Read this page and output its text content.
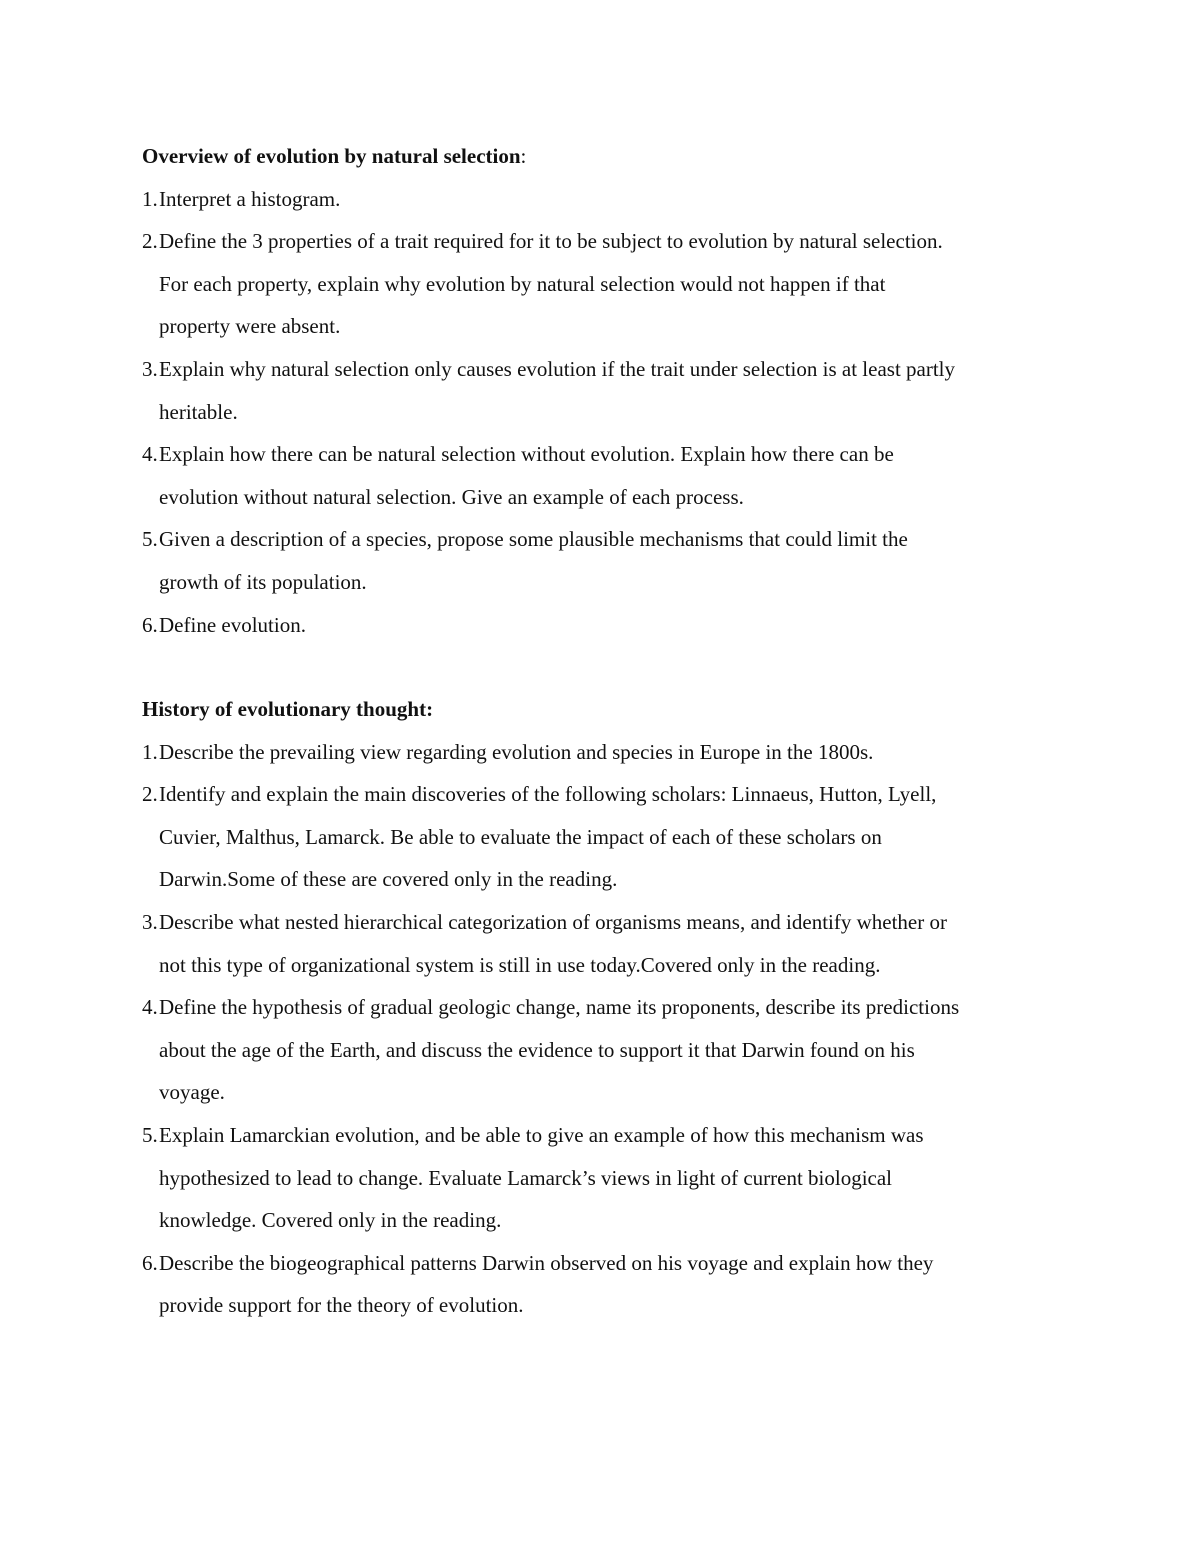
Overview of evolution by natural selection:
1. Interpret a histogram.
2. Define the 3 properties of a trait required for it to be subject to evolution by natural selection.
For each property, explain why evolution by natural selection would not happen if that
property were absent.
3. Explain why natural selection only causes evolution if the trait under selection is at least partly
heritable.
4. Explain how there can be natural selection without evolution. Explain how there can be
evolution without natural selection. Give an example of each process.
5. Given a description of a species, propose some plausible mechanisms that could limit the
growth of its population.
6. Define evolution.
History of evolutionary thought:
1. Describe the prevailing view regarding evolution and species in Europe in the 1800s.
2. Identify and explain the main discoveries of the following scholars: Linnaeus, Hutton, Lyell,
Cuvier, Malthus, Lamarck. Be able to evaluate the impact of each of these scholars on
Darwin.Some of these are covered only in the reading.
3. Describe what nested hierarchical categorization of organisms means, and identify whether or
not this type of organizational system is still in use today.Covered only in the reading.
4. Define the hypothesis of gradual geologic change, name its proponents, describe its predictions
about the age of the Earth, and discuss the evidence to support it that Darwin found on his
voyage.
5. Explain Lamarckian evolution, and be able to give an example of how this mechanism was
hypothesized to lead to change. Evaluate Lamarck’s views in light of current biological
knowledge. Covered only in the reading.
6. Describe the biogeographical patterns Darwin observed on his voyage and explain how they
provide support for the theory of evolution.
